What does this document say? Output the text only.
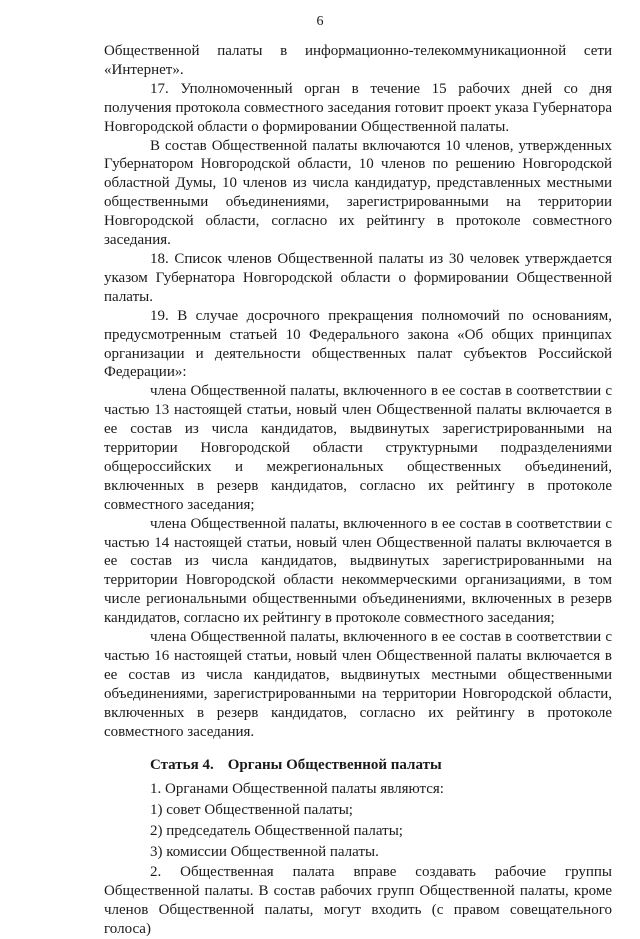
6

Общественной палаты в информационно-телекоммуникационной сети «Интернет».

17. Уполномоченный орган в течение 15 рабочих дней со дня получения протокола совместного заседания готовит проект указа Губернатора Новгородской области о формировании Общественной палаты.

В состав Общественной палаты включаются 10 членов, утвержденных Губернатором Новгородской области, 10 членов по решению Новгородской областной Думы, 10 членов из числа кандидатур, представленных местными общественными объединениями, зарегистрированными на территории Новгородской области, согласно их рейтингу в протоколе совместного заседания.

18. Список членов Общественной палаты из 30 человек утверждается указом Губернатора Новгородской области о формировании Общественной палаты.

19. В случае досрочного прекращения полномочий по основаниям, предусмотренным статьей 10 Федерального закона «Об общих принципах организации и деятельности общественных палат субъектов Российской Федерации»:

члена Общественной палаты, включенного в ее состав в соответствии с частью 13 настоящей статьи, новый член Общественной палаты включается в ее состав из числа кандидатов, выдвинутых зарегистрированными на территории Новгородской области структурными подразделениями общероссийских и межрегиональных общественных объединений, включенных в резерв кандидатов, согласно их рейтингу в протоколе совместного заседания;

члена Общественной палаты, включенного в ее состав в соответствии с частью 14 настоящей статьи, новый член Общественной палаты включается в ее состав из числа кандидатов, выдвинутых зарегистрированными на территории Новгородской области некоммерческими организациями, в том числе региональными общественными объединениями, включенных в резерв кандидатов, согласно их рейтингу в протоколе совместного заседания;

члена Общественной палаты, включенного в ее состав в соответствии с частью 16 настоящей статьи, новый член Общественной палаты включается в ее состав из числа кандидатов, выдвинутых местными общественными объединениями, зарегистрированными на территории Новгородской области, включенных в резерв кандидатов, согласно их рейтингу в протоколе совместного заседания.

Статья 4. Органы Общественной палаты

1. Органами Общественной палаты являются:

1) совет Общественной палаты;

2) председатель Общественной палаты;

3) комиссии Общественной палаты.

2. Общественная палата вправе создавать рабочие группы Общественной палаты. В состав рабочих групп Общественной палаты, кроме членов Общественной палаты, могут входить (с правом совещательного голоса)
